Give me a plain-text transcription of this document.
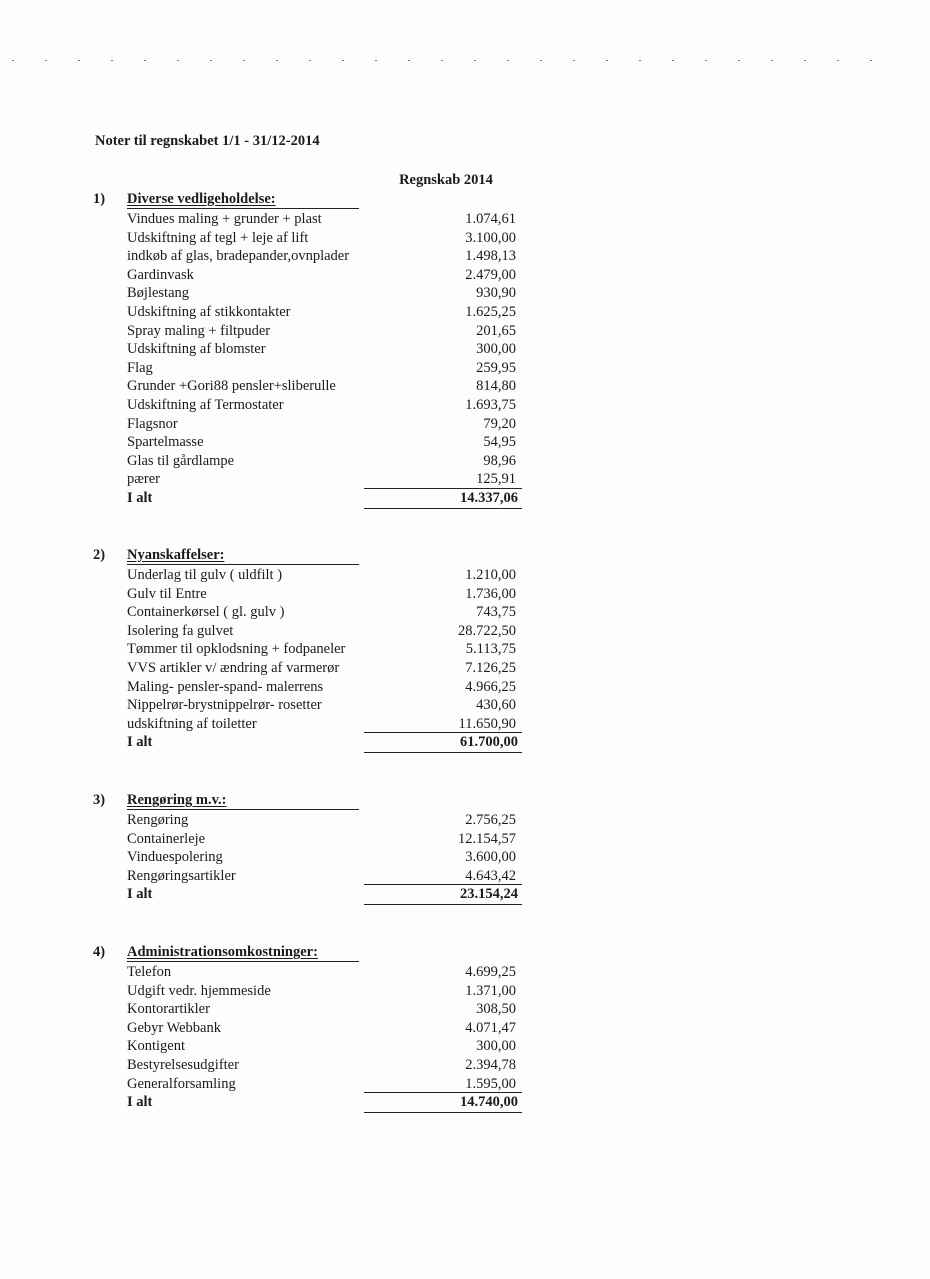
Noter til regnskabet 1/1 - 31/12-2014
Regnskab 2014
1) Diverse vedligeholdelse:
Vindues maling + grunder + plast	1.074,61
Udskiftning af tegl + leje af lift	3.100,00
indkøb af glas, bradepander,ovnplader	1.498,13
Gardinvask	2.479,00
Bøjlestang	930,90
Udskiftning af stikkontakter	1.625,25
Spray maling + filtpuder	201,65
Udskiftning af blomster	300,00
Flag	259,95
Grunder +Gori88 pensler+sliberulle	814,80
Udskiftning af Termostater	1.693,75
Flagsnor	79,20
Spartelmasse	54,95
Glas til gårdlampe	98,96
pærer	125,91
I alt	14.337,06
2) Nyanskaffelser:
Underlag til gulv ( uldfilt )	1.210,00
Gulv til Entre	1.736,00
Containerkørsel ( gl. gulv )	743,75
Isolering fa gulvet	28.722,50
Tømmer til opklodsning + fodpaneler	5.113,75
VVS artikler v/ ændring af varmerør	7.126,25
Maling- pensler-spand- malerrens	4.966,25
Nippelrør-brystnippelrør- rosetter	430,60
udskiftning af toiletter	11.650,90
I alt	61.700,00
3) Rengøring m.v.:
Rengøring	2.756,25
Containerleje	12.154,57
Vinduespolering	3.600,00
Rengøringsartikler	4.643,42
I alt	23.154,24
4) Administrationsomkostninger:
Telefon	4.699,25
Udgift vedr. hjemmeside	1.371,00
Kontorartikler	308,50
Gebyr Webbank	4.071,47
Kontigent	300,00
Bestyrelsesudgifter	2.394,78
Generalforsamling	1.595,00
I alt	14.740,00
